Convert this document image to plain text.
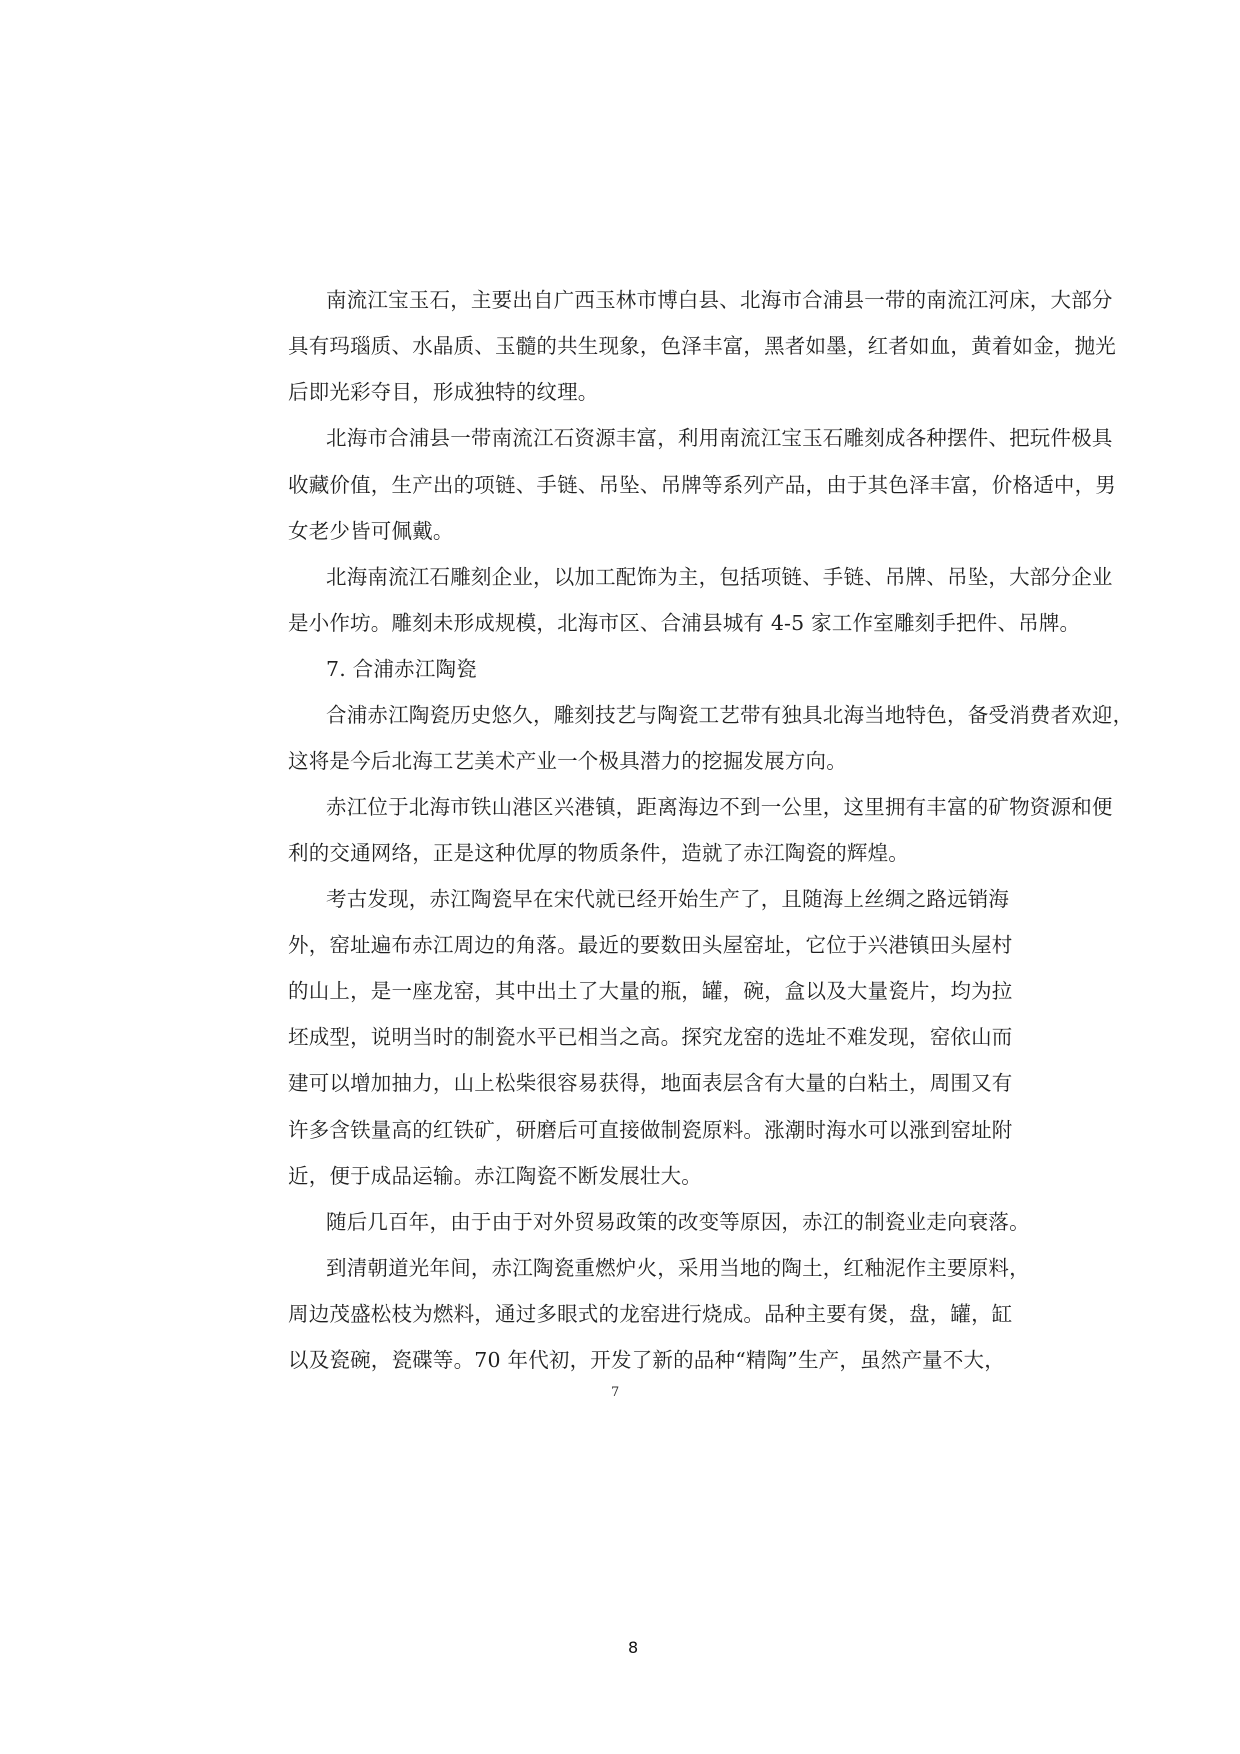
南流江宝玉石，主要出自广西玉林市博白县、北海市合浦县一带的南流江河床，大部分
具有玛瑙质、水晶质、玉髓的共生现象，色泽丰富，黑者如墨，红者如血，黄着如金，抛光
后即光彩夺目，形成独特的纹理。
北海市合浦县一带南流江石资源丰富，利用南流江宝玉石雕刻成各种摆件、把玩件极具
收藏价值，生产出的项链、手链、吊坠、吊牌等系列产品，由于其色泽丰富，价格适中，男
女老少皆可佩戴。
北海南流江石雕刻企业，以加工配饰为主，包括项链、手链、吊牌、吊坠，大部分企业
是小作坊。雕刻未形成规模，北海市区、合浦县城有 4-5 家工作室雕刻手把件、吊牌。
7. 合浦赤江陶瓷
合浦赤江陶瓷历史悠久，雕刻技艺与陶瓷工艺带有独具北海当地特色，备受消费者欢迎，
这将是今后北海工艺美术产业一个极具潜力的挖掘发展方向。
赤江位于北海市铁山港区兴港镇，距离海边不到一公里，这里拥有丰富的矿物资源和便
利的交通网络，正是这种优厚的物质条件，造就了赤江陶瓷的辉煌。
考古发现，赤江陶瓷早在宋代就已经开始生产了，且随海上丝绸之路远销海
外，窑址遍布赤江周边的角落。最近的要数田头屋窑址，它位于兴港镇田头屋村
的山上，是一座龙窑，其中出土了大量的瓶，罐，碗，盒以及大量瓷片，均为拉
坯成型，说明当时的制瓷水平已相当之高。探究龙窑的选址不难发现，窑依山而
建可以增加抽力，山上松柴很容易获得，地面表层含有大量的白粘土，周围又有
许多含铁量高的红铁矿，研磨后可直接做制瓷原料。涨潮时海水可以涨到窑址附
近，便于成品运输。赤江陶瓷不断发展壮大。
随后几百年，由于由于对外贸易政策的改变等原因，赤江的制瓷业走向衰落。
到清朝道光年间，赤江陶瓷重燃炉火，采用当地的陶土，红釉泥作主要原料，
周边茂盛松枝为燃料，通过多眼式的龙窑进行烧成。品种主要有煲，盘，罐，缸
以及瓷碗，瓷碟等。70 年代初，开发了新的品种“精陶”生产，虽然产量不大，
7
8
